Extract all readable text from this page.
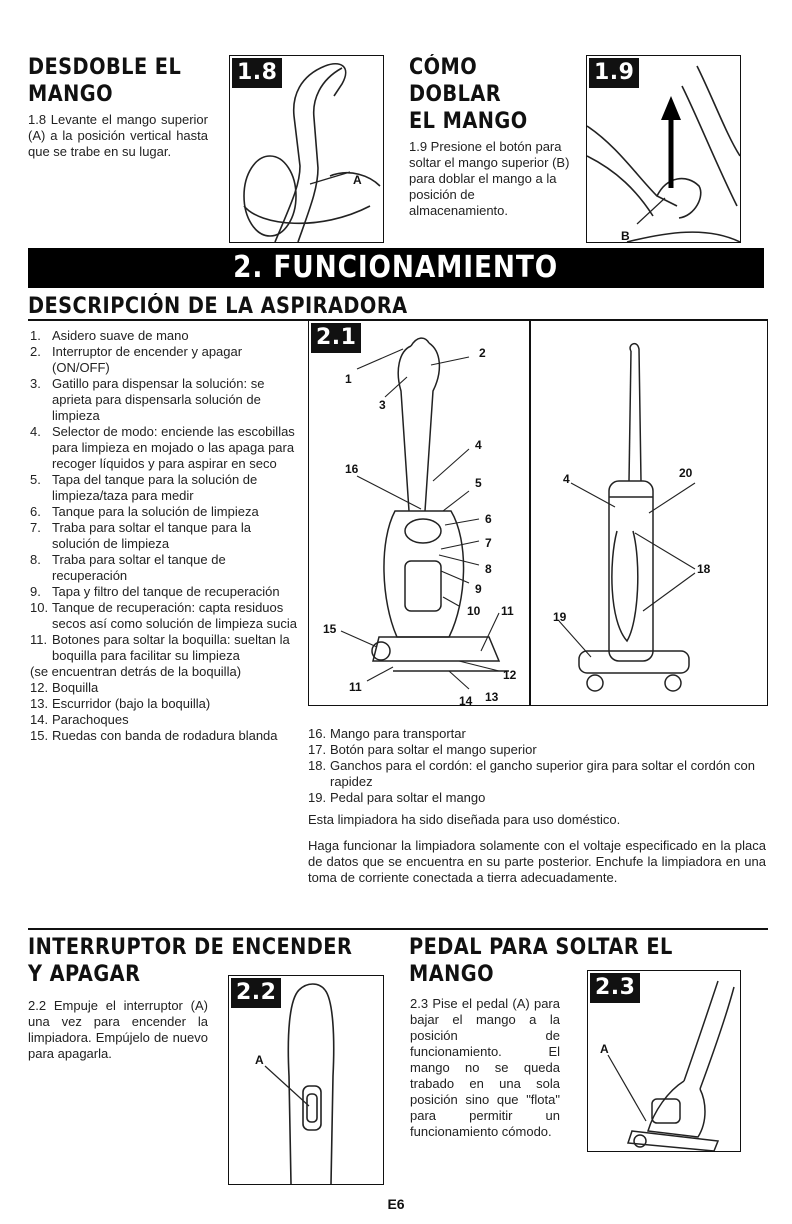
DESDOBLE EL
MANGO

1.8 Levante el mango superior (A) a la posición vertical hasta que se trabe en su lugar.

1.8
A
CÓMO DOBLAR
EL MANGO

1.9 Presione el botón para soltar el mango superior (B) para doblar el mango a la posición de almacenamiento.

1.9
B
2. FUNCIONAMIENTO
DESCRIPCIÓN DE LA ASPIRADORA
1. Asidero suave de mano
2. Interruptor de encender y apagar (ON/OFF)
3. Gatillo para dispensar la solución: se aprieta para dispensarla solución de limpieza
4. Selector de modo: enciende las escobillas para limpieza en mojado o las apaga para recoger líquidos y para aspirar en seco
5. Tapa del tanque para la solución de limpieza/taza para medir
6. Tanque para la solución de limpieza
7. Traba para soltar el tanque para la solución de limpieza
8. Traba para soltar el tanque de recuperación
9. Tapa y filtro del tanque de recuperación
10. Tanque de recuperación: capta residuos secos así como solución de limpieza sucia
11. Botones para soltar la boquilla: sueltan la boquilla para facilitar su limpieza
(se encuentran detrás de la boquilla)
12. Boquilla
13. Escurridor (bajo la boquilla)
14. Parachoques
15. Ruedas con banda de rodadura blanda
2.1
1
2
3
4
5
6
7
8
9
10 11
11
12
13
14
15
16
4	20
18
19
16. Mango para transportar
17. Botón para soltar el mango superior
18. Ganchos para el cordón: el gancho superior gira para soltar el cordón con rapidez
19. Pedal para soltar el mango

Esta limpiadora ha sido diseñada para uso doméstico.

Haga funcionar la limpiadora solamente con el voltaje especificado en la placa de datos que se encuentra en su parte posterior. Enchufe la limpiadora en una toma de corriente conectada a tierra adecuadamente.

INTERRUPTOR DE ENCENDER
Y APAGAR

2.2 Empuje el interruptor (A) una vez para encender la limpiadora. Empújelo de nuevo para apagarla.

2.2
A
PEDAL PARA SOLTAR EL
MANGO

2.3 Pise el pedal (A) para bajar el mango a la posición de funcionamiento. El mango no se queda trabado en una sola posición sino que "flota" para permitir un funcionamiento cómodo.

2.3
A
E6
